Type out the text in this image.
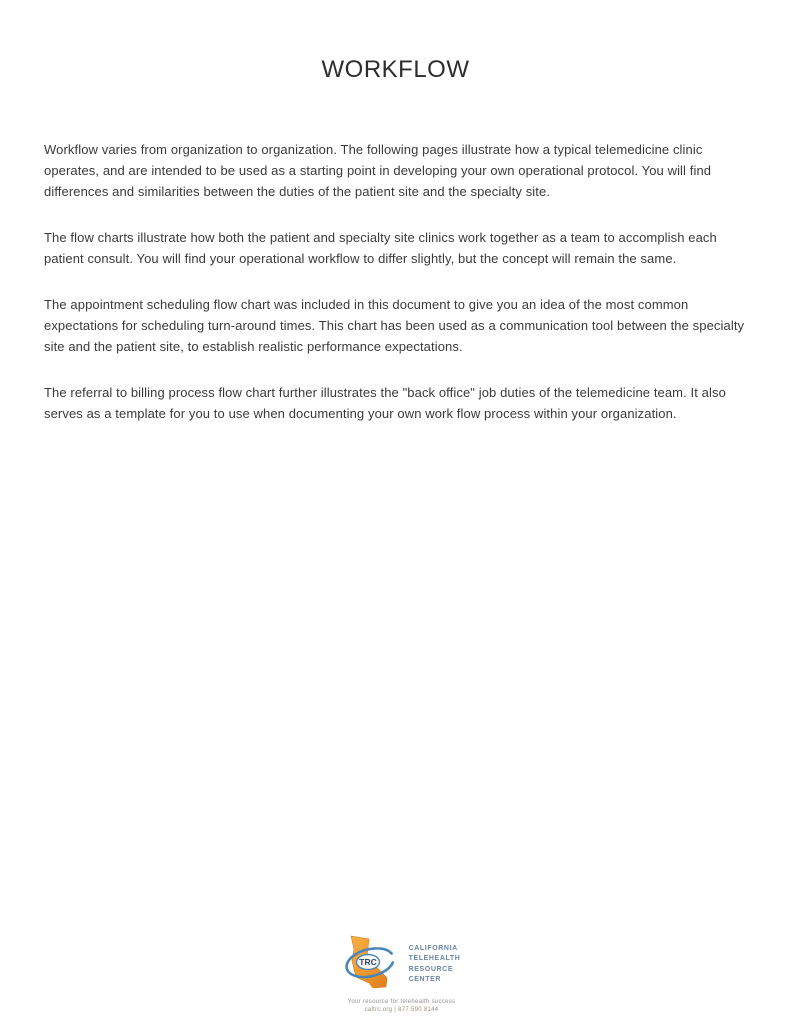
WORKFLOW

Workflow varies from organization to organization. The following pages illustrate how a typical telemedicine clinic operates, and are intended to be used as a starting point in developing your own operational protocol. You will find differences and similarities between the duties of the patient site and the specialty site.

The flow charts illustrate how both the patient and specialty site clinics work together as a team to accomplish each patient consult. You will find your operational workflow to differ slightly, but the concept will remain the same.

The appointment scheduling flow chart was included in this document to give you an idea of the most common expectations for scheduling turn-around times. This chart has been used as a communication tool between the specialty site and the patient site, to establish realistic performance expectations.

The referral to billing process flow chart further illustrates the "back office" job duties of the telemedicine team. It also serves as a template for you to use when documenting your own work flow process within your organization.

TRC
CALIFORNIA
TELEHEALTH
RESOURCE
CENTER
Your resource for telehealth success
caltrc.org | 877.590.8144
